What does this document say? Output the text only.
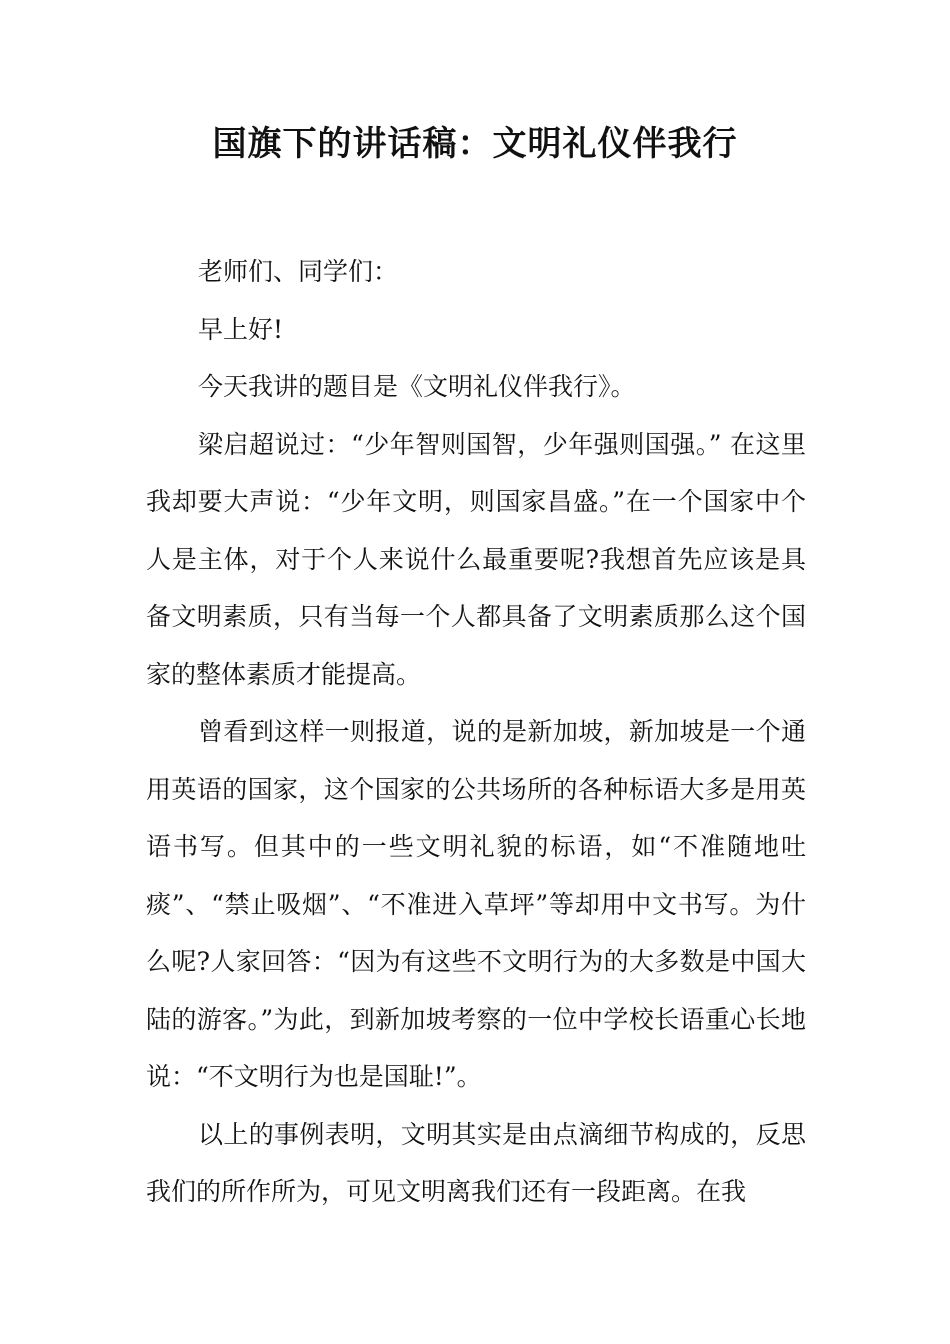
国旗下的讲话稿：文明礼仪伴我行

老师们、同学们：

早上好!

今天我讲的题目是《文明礼仪伴我行》。

梁启超说过：“少年智则国智，少年强则国强。” 在这里我却要大声说：“少年文明，则国家昌盛。”在一个国家中个人是主体，对于个人来说什么最重要呢?我想首先应该是具备文明素质，只有当每一个人都具备了文明素质那么这个国家的整体素质才能提高。

曾看到这样一则报道，说的是新加坡，新加坡是一个通用英语的国家，这个国家的公共场所的各种标语大多是用英语书写。但其中的一些文明礼貌的标语，如“不准随地吐痰”、“禁止吸烟”、“不准进入草坪”等却用中文书写。为什么呢?人家回答：“因为有这些不文明行为的大多数是中国大陆的游客。”为此，到新加坡考察的一位中学校长语重心长地说：“不文明行为也是国耻!”。

以上的事例表明，文明其实是由点滴细节构成的，反思我们的所作所为，可见文明离我们还有一段距离。在我
